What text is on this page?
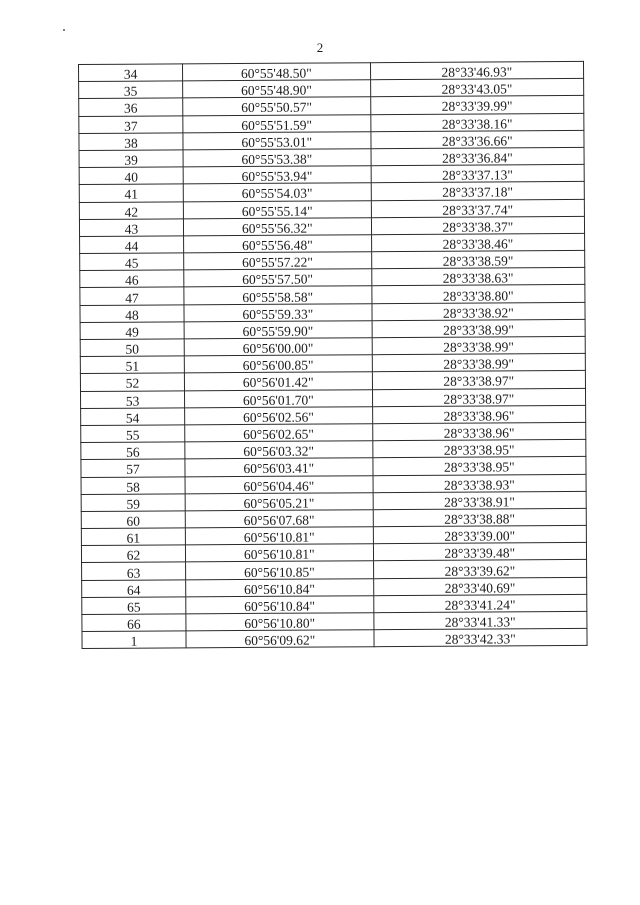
2
34	60°55'48.50"	28°33'46.93"
35	60°55'48.90"	28°33'43.05"
36	60°55'50.57"	28°33'39.99"
37	60°55'51.59"	28°33'38.16"
38	60°55'53.01"	28°33'36.66"
39	60°55'53.38"	28°33'36.84"
40	60°55'53.94"	28°33'37.13"
41	60°55'54.03"	28°33'37.18"
42	60°55'55.14"	28°33'37.74"
43	60°55'56.32"	28°33'38.37"
44	60°55'56.48"	28°33'38.46"
45	60°55'57.22"	28°33'38.59"
46	60°55'57.50"	28°33'38.63"
47	60°55'58.58"	28°33'38.80"
48	60°55'59.33"	28°33'38.92"
49	60°55'59.90"	28°33'38.99"
50	60°56'00.00"	28°33'38.99"
51	60°56'00.85"	28°33'38.99"
52	60°56'01.42"	28°33'38.97"
53	60°56'01.70"	28°33'38.97"
54	60°56'02.56"	28°33'38.96"
55	60°56'02.65"	28°33'38.96"
56	60°56'03.32"	28°33'38.95"
57	60°56'03.41"	28°33'38.95"
58	60°56'04.46"	28°33'38.93"
59	60°56'05.21"	28°33'38.91"
60	60°56'07.68"	28°33'38.88"
61	60°56'10.81"	28°33'39.00"
62	60°56'10.81"	28°33'39.48"
63	60°56'10.85"	28°33'39.62"
64	60°56'10.84"	28°33'40.69"
65	60°56'10.84"	28°33'41.24"
66	60°56'10.80"	28°33'41.33"
1	60°56'09.62"	28°33'42.33"
